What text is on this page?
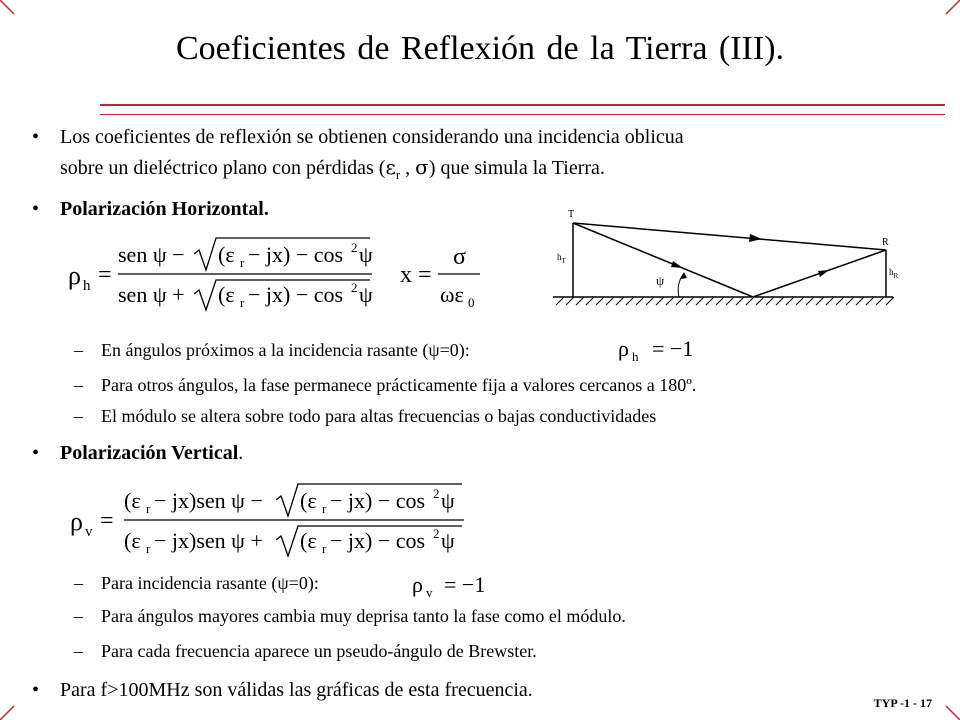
Coeficientes de Reflexión de la Tierra (III).
• Los coeficientes de reflexión se obtienen considerando una incidencia oblicua
sobre un dieléctrico plano con pérdidas ($\varepsilon_r$ , σ) que simula la Tierra.
• Polarización Horizontal.
ρ h =
sen ψ − (ε r − jx) − cos 2 ψ
sen ψ + (ε r − jx) − cos 2 ψ
x =
σ
ωε 0
T
R
$h_T$
$h_R$
ψ
– En ángulos próximos a la incidencia rasante (ψ=0):	ρ h = −1
– Para otros ángulos, la fase permanece prácticamente fija a valores cercanos a 180º.
– El módulo se altera sobre todo para altas frecuencias o bajas conductividades
• Polarización Vertical.
ρ v =
(ε r − jx)sen ψ − (ε r − jx) − cos 2 ψ
(ε r − jx)sen ψ + (ε r − jx) − cos 2 ψ
– Para incidencia rasante (ψ=0):	ρ v = −1
– Para ángulos mayores cambia muy deprisa tanto la fase como el módulo.
– Para cada frecuencia aparece un pseudo-ángulo de Brewster.
• Para f>100MHz son válidas las gráficas de esta frecuencia.
TYP -1 - 17
